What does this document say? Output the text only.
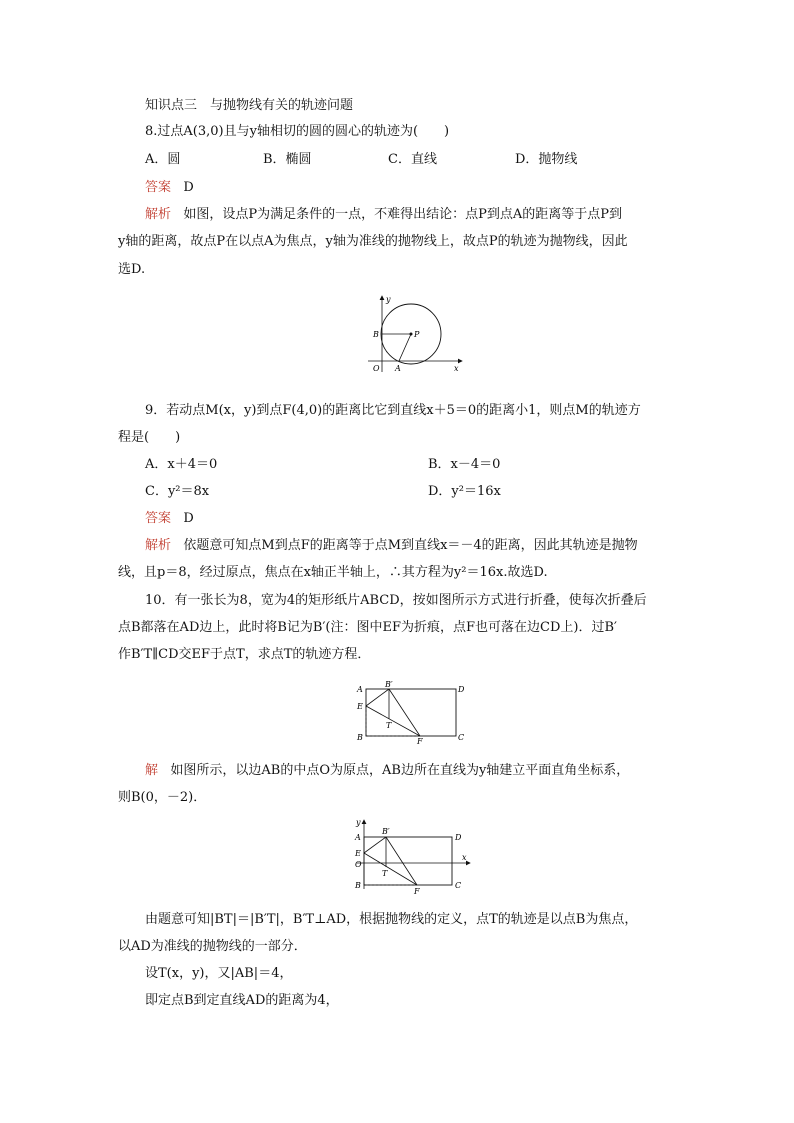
知识点三　与抛物线有关的轨迹问题
8.过点A(3,0)且与y轴相切的圆的圆心的轨迹为(　　)
A．圆	B．椭圆	C．直线	D．抛物线
答案 D
解析 如图，设点P为满足条件的一点，不难得出结论：点P到点A的距离等于点P到
y轴的距离，故点P在以点A为焦点，y轴为准线的抛物线上，故点P的轨迹为抛物线，因此
选D.
y
x
O A
B	P
9．若动点M(x，y)到点F(4,0)的距离比它到直线x＋5＝0的距离小1，则点M的轨迹方
程是(　　)
A．x＋4＝0	B．x－4＝0
C．y²＝8x	D．y²＝16x
答案 D
解析 依题意可知点M到点F的距离等于点M到直线x＝－4的距离，因此其轨迹是抛物
线，且p＝8，经过原点，焦点在x轴正半轴上，∴其方程为y²＝16x.故选D.
10．有一张长为8，宽为4的矩形纸片ABCD，按如图所示方式进行折叠，使每次折叠后
点B都落在AD边上，此时将B记为B′(注：图中EF为折痕，点F也可落在边CD上)．过B′
作B′T∥CD交EF于点T，求点T的轨迹方程．
A
B′
D
E
T
B	F	C
解 如图所示，以边AB的中点O为原点，AB边所在直线为y轴建立平面直角坐标系，
则B(0，－2)．
y
A
B′
D
E
O
x
T
B
F
C
由题意可知|BT|＝|B′T|，B′T⊥AD，根据抛物线的定义，点T的轨迹是以点B为焦点，
以AD为准线的抛物线的一部分．
设T(x，y)，又|AB|＝4，
即定点B到定直线AD的距离为4，
